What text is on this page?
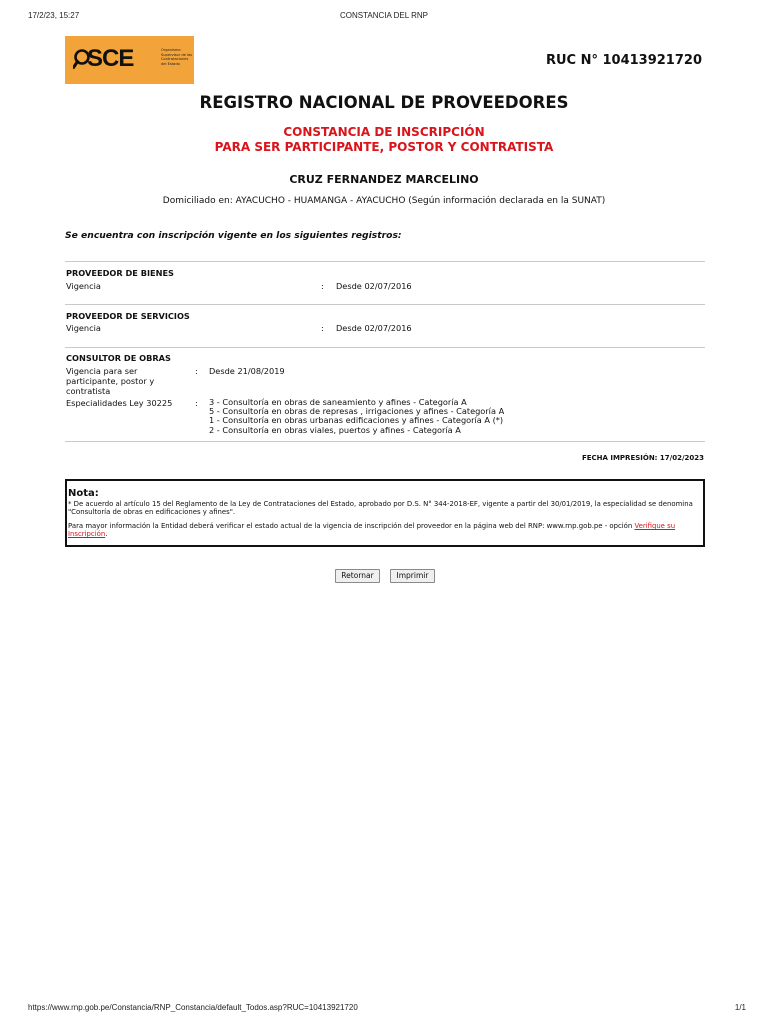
17/2/23, 15:27	CONSTANCIA DEL RNP
SCE	Organismo Supervisor de las Contrataciones del Estado	RUC N° 10413921720
REGISTRO NACIONAL DE PROVEEDORES
CONSTANCIA DE INSCRIPCIÓN
PARA SER PARTICIPANTE, POSTOR Y CONTRATISTA
CRUZ FERNANDEZ MARCELINO
Domiciliado en: AYACUCHO - HUAMANGA - AYACUCHO (Según información declarada en la SUNAT)
Se encuentra con inscripción vigente en los siguientes registros:
PROVEEDOR DE BIENES
Vigencia	: Desde 02/07/2016
PROVEEDOR DE SERVICIOS
Vigencia	: Desde 02/07/2016
CONSULTOR DE OBRAS
Vigencia para ser
participante, postor y
contratista
: Desde 21/08/2019
Especialidades Ley 30225	: 3 - Consultoría en obras de saneamiento y afines - Categoría A
5 - Consultoría en obras de represas , irrigaciones y afines - Categoría A
1 - Consultoría en obras urbanas edificaciones y afines - Categoría A (*)
2 - Consultoría en obras viales, puertos y afines - Categoría A
FECHA IMPRESIÓN: 17/02/2023
Nota:
* De acuerdo al artículo 15 del Reglamento de la Ley de Contrataciones del Estado, aprobado por D.S. N° 344-2018-EF, vigente a partir del 30/01/2019, la especialidad se denomina "Consultoría de obras en edificaciones y afines".
Para mayor información la Entidad deberá verificar el estado actual de la vigencia de inscripción del proveedor en la página web del RNP: www.rnp.gob.pe - opción Verifique su Inscripción.
Retornar	Imprimir
https://www.rnp.gob.pe/Constancia/RNP_Constancia/default_Todos.asp?RUC=10413921720	1/1
